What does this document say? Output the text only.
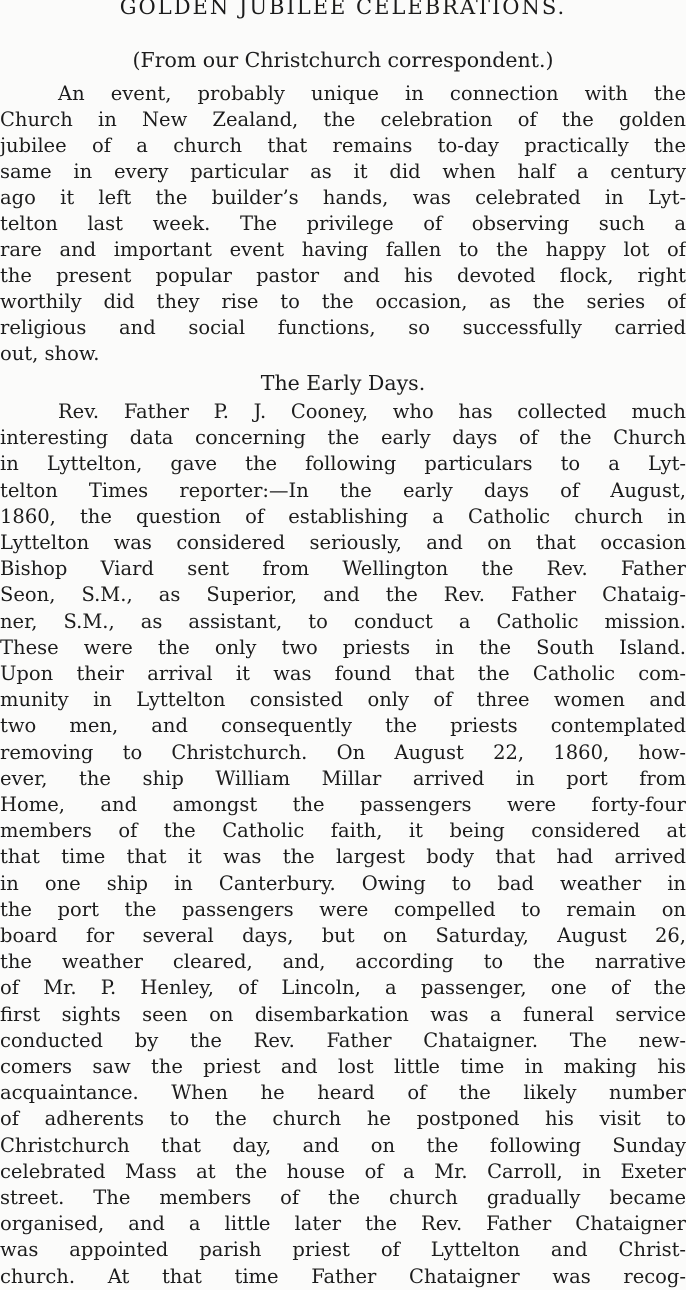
GOLDEN JUBILEE CELEBRATIONS.
(From our Christchurch correspondent.)
An event, probably unique in connection with the
Church in New Zealand, the celebration of the golden
jubilee of a church that remains to-day practically the
same in every particular as it did when half a century
ago it left the builder’s hands, was celebrated in Lyt-
telton last week. The privilege of observing such a
rare and important event having fallen to the happy lot of
the present popular pastor and his devoted flock, right
worthily did they rise to the occasion, as the series of
religious and social functions, so successfully carried
out, show.
The Early Days.
Rev. Father P. J. Cooney, who has collected much
interesting data concerning the early days of the Church
in Lyttelton, gave the following particulars to a Lyt-
telton Times reporter:—In the early days of August,
1860, the question of establishing a Catholic church in
Lyttelton was considered seriously, and on that occasion
Bishop Viard sent from Wellington the Rev. Father
Seon, S.M., as Superior, and the Rev. Father Chataig-
ner, S.M., as assistant, to conduct a Catholic mission.
These were the only two priests in the South Island.
Upon their arrival it was found that the Catholic com-
munity in Lyttelton consisted only of three women and
two men, and consequently the priests contemplated
removing to Christchurch. On August 22, 1860, how-
ever, the ship William Millar arrived in port from
Home, and amongst the passengers were forty-four
members of the Catholic faith, it being considered at
that time that it was the largest body that had arrived
in one ship in Canterbury. Owing to bad weather in
the port the passengers were compelled to remain on
board for several days, but on Saturday, August 26,
the weather cleared, and, according to the narrative
of Mr. P. Henley, of Lincoln, a passenger, one of the
first sights seen on disembarkation was a funeral service
conducted by the Rev. Father Chataigner. The new-
comers saw the priest and lost little time in making his
acquaintance. When he heard of the likely number
of adherents to the church he postponed his visit to
Christchurch that day, and on the following Sunday
celebrated Mass at the house of a Mr. Carroll, in Exeter
street. The members of the church gradually became
organised, and a little later the Rev. Father Chataigner
was appointed parish priest of Lyttelton and Christ-
church. At that time Father Chataigner was recog-
